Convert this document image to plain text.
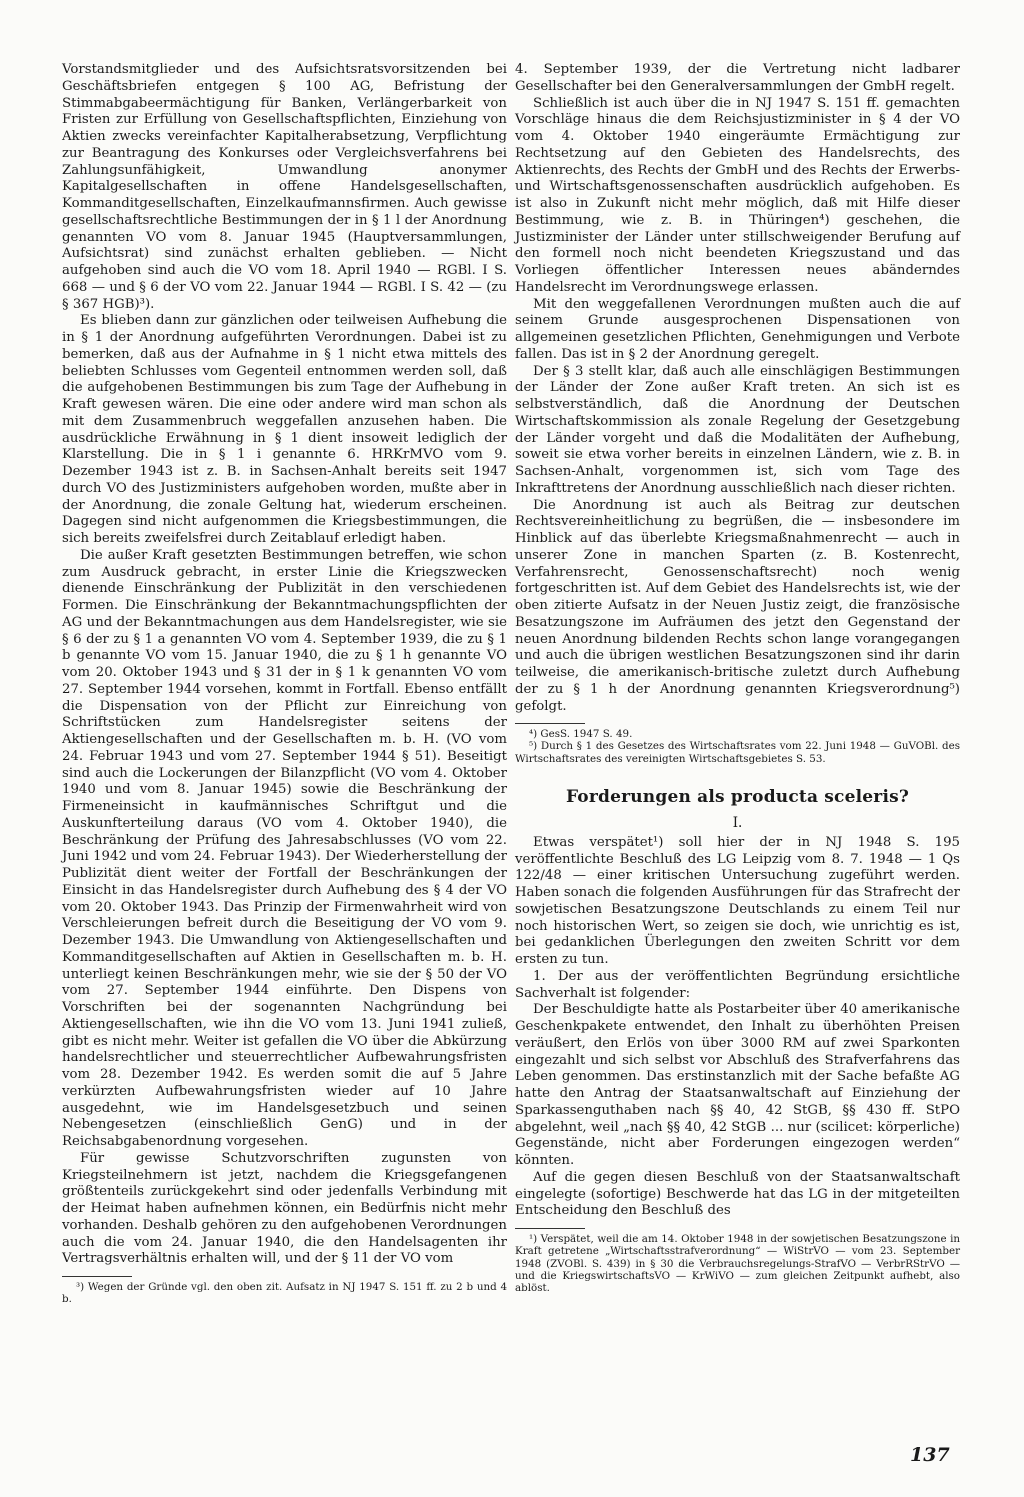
Vorstandsmitglieder und des Aufsichtsratsvorsitzenden bei Geschäftsbriefen entgegen § 100 AG, Befristung der Stimmabgabeermächtigung für Banken, Verlängerbarkeit von Fristen zur Erfüllung von Gesellschaftspflichten, Einziehung von Aktien zwecks vereinfachter Kapitalherabsetzung, Verpflichtung zur Beantragung des Konkurses oder Vergleichsverfahrens bei Zahlungsunfähigkeit, Umwandlung anonymer Kapitalgesellschaften in offene Handelsgesellschaften, Kommanditgesellschaften, Einzelkaufmannsfirmen. Auch gewisse gesellschaftsrechtliche Bestimmungen der in § 1 l der Anordnung genannten VO vom 8. Januar 1945 (Hauptversammlungen, Aufsichtsrat) sind zunächst erhalten geblieben. — Nicht aufgehoben sind auch die VO vom 18. April 1940 — RGBl. I S. 668 — und § 6 der VO vom 22. Januar 1944 — RGBl. I S. 42 — (zu § 367 HGB)³).

Es blieben dann zur gänzlichen oder teilweisen Aufhebung die in § 1 der Anordnung aufgeführten Verordnungen. Dabei ist zu bemerken, daß aus der Aufnahme in § 1 nicht etwa mittels des beliebten Schlusses vom Gegenteil entnommen werden soll, daß die aufgehobenen Bestimmungen bis zum Tage der Aufhebung in Kraft gewesen wären. Die eine oder andere wird man schon als mit dem Zusammenbruch weggefallen anzusehen haben. Die ausdrückliche Erwähnung in § 1 dient insoweit lediglich der Klarstellung. Die in § 1 i genannte 6. HRKrMVO vom 9. Dezember 1943 ist z. B. in Sachsen-Anhalt bereits seit 1947 durch VO des Justizministers aufgehoben worden, mußte aber in der Anordnung, die zonale Geltung hat, wiederum erscheinen. Dagegen sind nicht aufgenommen die Kriegsbestimmungen, die sich bereits zweifelsfrei durch Zeitablauf erledigt haben.

Die außer Kraft gesetzten Bestimmungen betreffen, wie schon zum Ausdruck gebracht, in erster Linie die Kriegszwecken dienende Einschränkung der Publizität in den verschiedenen Formen. Die Einschränkung der Bekanntmachungspflichten der AG und der Bekanntmachungen aus dem Handelsregister, wie sie § 6 der zu § 1 a genannten VO vom 4. September 1939, die zu § 1 b genannte VO vom 15. Januar 1940, die zu § 1 h genannte VO vom 20. Oktober 1943 und § 31 der in § 1 k genannten VO vom 27. September 1944 vorsehen, kommt in Fortfall. Ebenso entfällt die Dispensation von der Pflicht zur Einreichung von Schriftstücken zum Handelsregister seitens der Aktiengesellschaften und der Gesellschaften m. b. H. (VO vom 24. Februar 1943 und vom 27. September 1944 § 51). Beseitigt sind auch die Lockerungen der Bilanzpflicht (VO vom 4. Oktober 1940 und vom 8. Januar 1945) sowie die Beschränkung der Firmeneinsicht in kaufmännisches Schriftgut und die Auskunfterteilung daraus (VO vom 4. Oktober 1940), die Beschränkung der Prüfung des Jahresabschlusses (VO vom 22. Juni 1942 und vom 24. Februar 1943). Der Wiederherstellung der Publizität dient weiter der Fortfall der Beschränkungen der Einsicht in das Handelsregister durch Aufhebung des § 4 der VO vom 20. Oktober 1943. Das Prinzip der Firmenwahrheit wird von Verschleierungen befreit durch die Beseitigung der VO vom 9. Dezember 1943. Die Umwandlung von Aktiengesellschaften und Kommanditgesellschaften auf Aktien in Gesellschaften m. b. H. unterliegt keinen Beschränkungen mehr, wie sie der § 50 der VO vom 27. September 1944 einführte. Den Dispens von Vorschriften bei der sogenannten Nachgründung bei Aktiengesellschaften, wie ihn die VO vom 13. Juni 1941 zuließ, gibt es nicht mehr. Weiter ist gefallen die VO über die Abkürzung handelsrechtlicher und steuerrechtlicher Aufbewahrungsfristen vom 28. Dezember 1942. Es werden somit die auf 5 Jahre verkürzten Aufbewahrungsfristen wieder auf 10 Jahre ausgedehnt, wie im Handelsgesetzbuch und seinen Nebengesetzen (einschließlich GenG) und in der Reichsabgabenordnung vorgesehen.

Für gewisse Schutzvorschriften zugunsten von Kriegsteilnehmern ist jetzt, nachdem die Kriegsgefangenen größtenteils zurückgekehrt sind oder jedenfalls Verbindung mit der Heimat haben aufnehmen können, ein Bedürfnis nicht mehr vorhanden. Deshalb gehören zu den aufgehobenen Verordnungen auch die vom 24. Januar 1940, die den Handelsagenten ihr Vertragsverhältnis erhalten will, und der § 11 der VO vom

³) Wegen der Gründe vgl. den oben zit. Aufsatz in NJ 1947 S. 151 ff. zu 2 b und 4 b.

4. September 1939, der die Vertretung nicht ladbarer Gesellschafter bei den Generalversammlungen der GmbH regelt.

Schließlich ist auch über die in NJ 1947 S. 151 ff. gemachten Vorschläge hinaus die dem Reichsjustizminister in § 4 der VO vom 4. Oktober 1940 eingeräumte Ermächtigung zur Rechtsetzung auf den Gebieten des Handelsrechts, des Aktienrechts, des Rechts der GmbH und des Rechts der Erwerbs- und Wirtschaftsgenossenschaften ausdrücklich aufgehoben. Es ist also in Zukunft nicht mehr möglich, daß mit Hilfe dieser Bestimmung, wie z. B. in Thüringen⁴) geschehen, die Justizminister der Länder unter stillschweigender Berufung auf den formell noch nicht beendeten Kriegszustand und das Vorliegen öffentlicher Interessen neues abänderndes Handelsrecht im Verordnungswege erlassen.

Mit den weggefallenen Verordnungen mußten auch die auf seinem Grunde ausgesprochenen Dispensationen von allgemeinen gesetzlichen Pflichten, Genehmigungen und Verbote fallen. Das ist in § 2 der Anordnung geregelt.

Der § 3 stellt klar, daß auch alle einschlägigen Bestimmungen der Länder der Zone außer Kraft treten. An sich ist es selbstverständlich, daß die Anordnung der Deutschen Wirtschaftskommission als zonale Regelung der Gesetzgebung der Länder vorgeht und daß die Modalitäten der Aufhebung, soweit sie etwa vorher bereits in einzelnen Ländern, wie z. B. in Sachsen-Anhalt, vorgenommen ist, sich vom Tage des Inkrafttretens der Anordnung ausschließlich nach dieser richten.

Die Anordnung ist auch als Beitrag zur deutschen Rechtsvereinheitlichung zu begrüßen, die — insbesondere im Hinblick auf das überlebte Kriegsmaßnahmenrecht — auch in unserer Zone in manchen Sparten (z. B. Kostenrecht, Verfahrensrecht, Genossenschaftsrecht) noch wenig fortgeschritten ist. Auf dem Gebiet des Handelsrechts ist, wie der oben zitierte Aufsatz in der Neuen Justiz zeigt, die französische Besatzungszone im Aufräumen des jetzt den Gegenstand der neuen Anordnung bildenden Rechts schon lange vorangegangen und auch die übrigen westlichen Besatzungszonen sind ihr darin teilweise, die amerikanisch-britische zuletzt durch Aufhebung der zu § 1 h der Anordnung genannten Kriegsverordnung⁵) gefolgt.

⁴) GesS. 1947 S. 49.

⁵) Durch § 1 des Gesetzes des Wirtschaftsrates vom 22. Juni 1948 — GuVOBl. des Wirtschaftsrates des vereinigten Wirtschaftsgebietes S. 53.

Forderungen als producta sceleris?
I.

Etwas verspätet¹) soll hier der in NJ 1948 S. 195 veröffentlichte Beschluß des LG Leipzig vom 8. 7. 1948 — 1 Qs 122/48 — einer kritischen Untersuchung zugeführt werden. Haben sonach die folgenden Ausführungen für das Strafrecht der sowjetischen Besatzungszone Deutschlands zu einem Teil nur noch historischen Wert, so zeigen sie doch, wie unrichtig es ist, bei gedanklichen Überlegungen den zweiten Schritt vor dem ersten zu tun.

1. Der aus der veröffentlichten Begründung ersichtliche Sachverhalt ist folgender:

Der Beschuldigte hatte als Postarbeiter über 40 amerikanische Geschenkpakete entwendet, den Inhalt zu überhöhten Preisen veräußert, den Erlös von über 3000 RM auf zwei Sparkonten eingezahlt und sich selbst vor Abschluß des Strafverfahrens das Leben genommen. Das erstinstanzlich mit der Sache befaßte AG hatte den Antrag der Staatsanwaltschaft auf Einziehung der Sparkassenguthaben nach §§ 40, 42 StGB, §§ 430 ff. StPO abgelehnt, weil „nach §§ 40, 42 StGB ... nur (scilicet: körperliche) Gegenstände, nicht aber Forderungen eingezogen werden“ könnten.

Auf die gegen diesen Beschluß von der Staatsanwaltschaft eingelegte (sofortige) Beschwerde hat das LG in der mitgeteilten Entscheidung den Beschluß des

¹) Verspätet, weil die am 14. Oktober 1948 in der sowjetischen Besatzungszone in Kraft getretene „Wirtschaftsstrafverordnung“ — WiStrVO — vom 23. September 1948 (ZVOBl. S. 439) in § 30 die Verbrauchsregelungs-StrafVO — VerbrRStrVO — und die KriegswirtschaftsVO — KrWiVO — zum gleichen Zeitpunkt aufhebt, also ablöst.

137
